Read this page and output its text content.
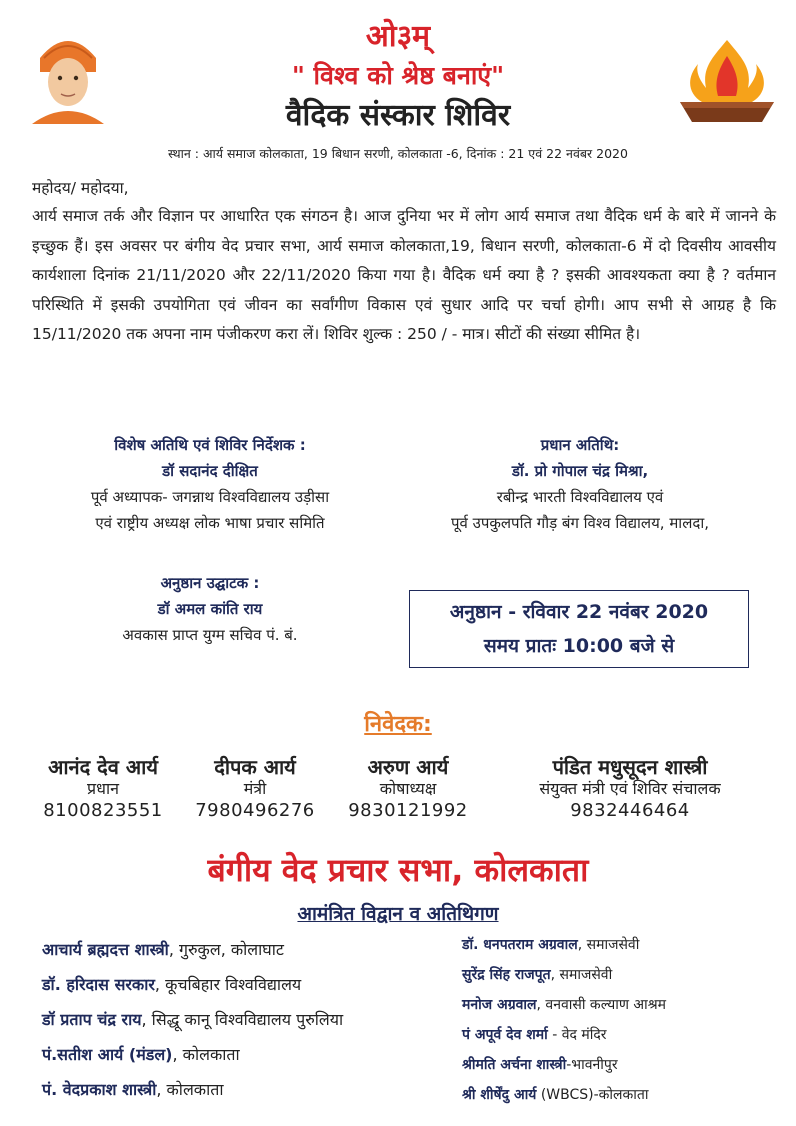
ओ३म्
" विश्व को श्रेष्ठ बनाएं"
वैदिक संस्कार शिविर
स्थान : आर्य समाज कोलकाता, 19 बिधान सरणी, कोलकाता -6, दिनांक : 21 एवं 22 नवंबर 2020
महोदय/ महोदया,
आर्य समाज तर्क और विज्ञान पर आधारित एक संगठन है। आज दुनिया भर में लोग आर्य समाज तथा वैदिक धर्म के बारे में जानने के इच्छुक हैं। इस अवसर पर बंगीय वेद प्रचार सभा, आर्य समाज कोलकाता,19, बिधान सरणी, कोलकाता-6 में दो दिवसीय आवसीय कार्यशाला दिनांक 21/11/2020 और 22/11/2020 किया गया है। वैदिक धर्म क्या है ? इसकी आवश्यकता क्या है ? वर्तमान परिस्थिति में इसकी उपयोगिता एवं जीवन का सर्वांगीण विकास एवं सुधार आदि पर चर्चा होगी। आप सभी से आग्रह है कि 15/11/2020 तक अपना नाम पंजीकरण करा लें। शिविर शुल्क : 250 / - मात्र। सीटों की संख्या सीमित है।
विशेष अतिथि एवं शिविर निर्देशक :
डॉ सदानंद दीक्षित
पूर्व अध्यापक- जगन्नाथ विश्वविद्यालय उड़ीसा
एवं राष्ट्रीय अध्यक्ष लोक भाषा प्रचार समिति
प्रधान अतिथि:
डॉ. प्रो गोपाल चंद्र मिश्रा,
रबीन्द्र भारती विश्वविद्यालय एवं
पूर्व उपकुलपति गौड़ बंग विश्व विद्यालय, मालदा,
अनुष्ठान उद्घाटक :
डॉ अमल कांति राय
अवकास प्राप्त युग्म सचिव पं. बं.
अनुष्ठान - रविवार 22 नवंबर 2020
समय प्रातः 10:00 बजे से
निवेदक:
आनंद देव आर्य
प्रधान
8100823551
दीपक आर्य
मंत्री
7980496276
अरुण आर्य
कोषाध्यक्ष
9830121992
पंडित मधुसूदन शास्त्री
संयुक्त मंत्री एवं शिविर संचालक
9832446464
बंगीय वेद प्रचार सभा, कोलकाता
आमंत्रित विद्वान व अतिथिगण
आचार्य ब्रह्मदत्त शास्त्री, गुरुकुल, कोलाघाट
डॉ. हरिदास सरकार, कूचबिहार विश्वविद्यालय
डॉ प्रताप चंद्र राय, सिद्धू कानू विश्वविद्यालय पुरुलिया
पं.सतीश आर्य (मंडल), कोलकाता
पं. वेदप्रकाश शास्त्री, कोलकाता
डॉ. धनपतराम अग्रवाल, समाजसेवी
सुरेंद्र सिंह राजपूत, समाजसेवी
मनोज अग्रवाल, वनवासी कल्याण आश्रम
पं अपूर्व देव शर्मा - वेद मंदिर
श्रीमति अर्चना शास्त्री-भावनीपुर
श्री शीर्षेंदु आर्य (WBCS)-कोलकाता
